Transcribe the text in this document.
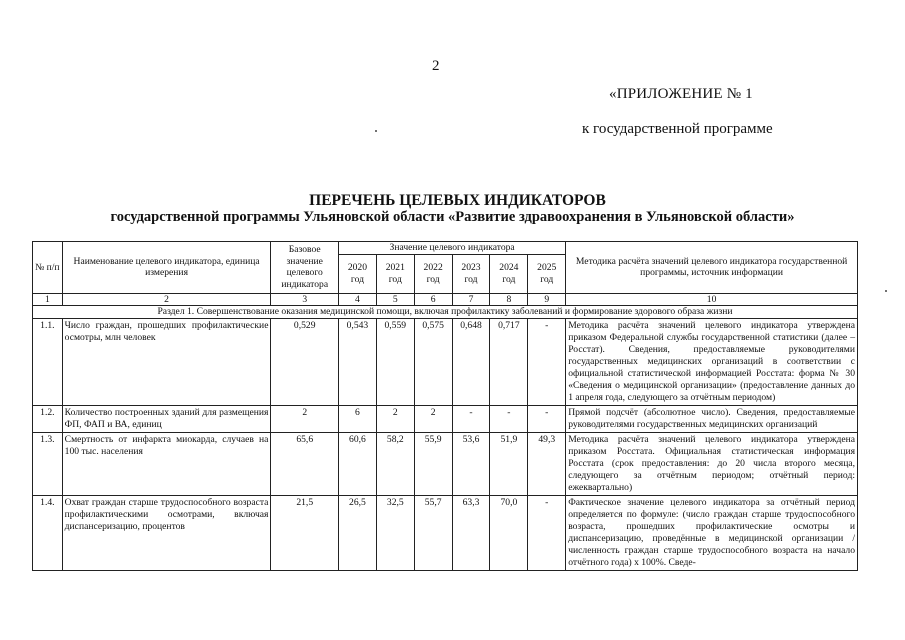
2
«ПРИЛОЖЕНИЕ № 1
к государственной программе
ПЕРЕЧЕНЬ ЦЕЛЕВЫХ ИНДИКАТОРОВ
государственной программы Ульяновской области «Развитие здравоохранения в Ульяновской области»
№ п/п	Наименование целевого индикатора, единица измерения	Базовое значение целевого индикатора	Значение целевого индикатора						Методика расчёта значений целевого индикатора государственной программы, источник информации
			2020 год	2021 год	2022 год	2023 год	2024 год	2025 год	
1	2	3	4	5	6	7	8	9	10
Раздел 1. Совершенствование оказания медицинской помощи, включая профилактику заболеваний и формирование здорового образа жизни									
1.1.	Число граждан, прошедших профилактические осмотры, млн человек	0,529	0,543	0,559	0,575	0,648	0,717	-	Методика расчёта значений целевого индикатора утверждена приказом Федеральной службы государственной статистики (далее – Росстат). Сведения, предоставляемые руководителями государственных медицинских организаций в соответствии с официальной статистической информацией Росстата: форма № 30 «Сведения о медицинской организации» (предоставление данных до 1 апреля года, следующего за отчётным периодом)
1.2.	Количество построенных зданий для размещения ФП, ФАП и ВА, единиц	2	6	2	2	-	-	-	Прямой подсчёт (абсолютное число). Сведения, предоставляемые руководителями государственных медицинских организаций
1.3.	Смертность от инфаркта миокарда, случаев на 100 тыс. населения	65,6	60,6	58,2	55,9	53,6	51,9	49,3	Методика расчёта значений целевого индикатора утверждена приказом Росстата. Официальная статистическая информация Росстата (срок предоставления: до 20 числа второго месяца, следующего за отчётным периодом; отчётный период: ежеквартально)
1.4.	Охват граждан старше трудоспособного возраста профилактическими осмотрами, включая диспансеризацию, процентов	21,5	26,5	32,5	55,7	63,3	70,0	-	Фактическое значение целевого индикатора за отчётный период определяется по формуле: (число граждан старше трудоспособного возраста, прошедших профилактические осмотры и диспансеризацию, проведённые в медицинской организации / численность граждан старше трудоспособного возраста на начало отчётного года) х 100%. Сведе-
